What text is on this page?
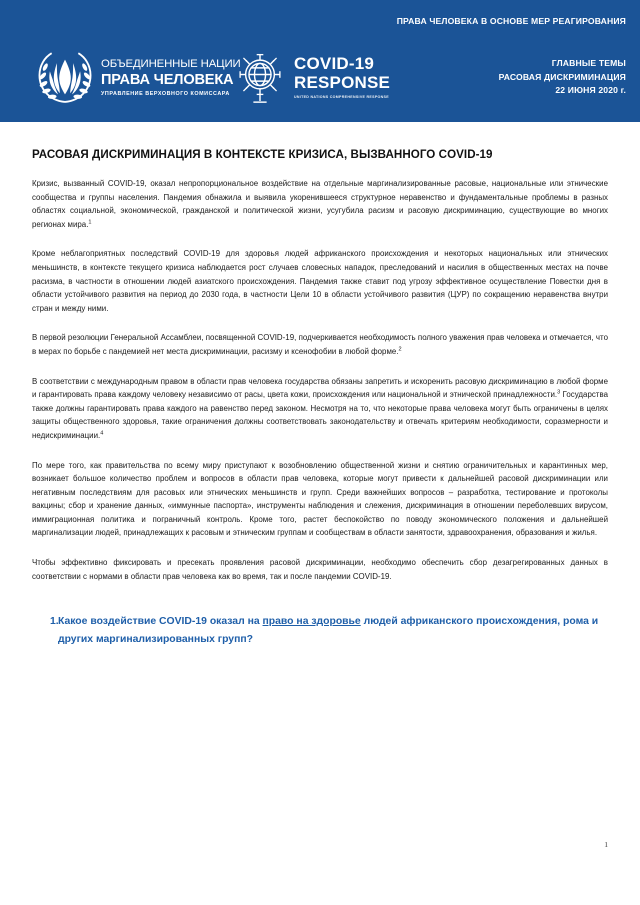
ПРАВА ЧЕЛОВЕКА В ОСНОВЕ МЕР РЕАГИРОВАНИЯ
ОБЪЕДИНЕННЫЕ НАЦИИ
ПРАВА ЧЕЛОВЕКА
УПРАВЛЕНИЕ ВЕРХОВНОГО КОМИССАРА
COVID-19
RESPONSE
UNITED NATIONS COMPREHENSIVE RESPONSE
ГЛАВНЫЕ ТЕМЫ
РАСОВАЯ ДИСКРИМИНАЦИЯ
22 ИЮНЯ 2020 г.
РАСОВАЯ ДИСКРИМИНАЦИЯ В КОНТЕКСТЕ КРИЗИСА, ВЫЗВАННОГО COVID-19

Кризис, вызванный COVID-19, оказал непропорциональное воздействие на отдельные маргинализированные расовые, национальные или этнические сообщества и группы населения. Пандемия обнажила и выявила укоренившееся структурное неравенство и фундаментальные проблемы в разных областях социальной, экономической, гражданской и политической жизни, усугубила расизм и расовую дискриминацию, существующие во многих регионах мира.$^1$

Кроме неблагоприятных последствий COVID-19 для здоровья людей африканского происхождения и некоторых национальных или этнических меньшинств, в контексте текущего кризиса наблюдается рост случаев словесных нападок, преследований и насилия в общественных местах на почве расизма, в частности в отношении людей азиатского происхождения. Пандемия также ставит под угрозу эффективное осуществление Повестки дня в области устойчивого развития на период до 2030 года, в частности Цели 10 в области устойчивого развития (ЦУР) по сокращению неравенства внутри стран и между ними.

В первой резолюции Генеральной Ассамблеи, посвященной COVID-19, подчеркивается необходимость полного уважения прав человека и отмечается, что в мерах по борьбе с пандемией нет места дискриминации, расизму и ксенофобии в любой форме.$^2$

В соответствии с международным правом в области прав человека государства обязаны запретить и искоренить расовую дискриминацию в любой форме и гарантировать права каждому человеку независимо от расы, цвета кожи, происхождения или национальной и этнической принадлежности.$^3$ Государства также должны гарантировать права каждого на равенство перед законом. Несмотря на то, что некоторые права человека могут быть ограничены в целях защиты общественного здоровья, такие ограничения должны соответствовать законодательству и отвечать критериям необходимости, соразмерности и недискриминации.$^4$

По мере того, как правительства по всему миру приступают к возобновлению общественной жизни и снятию ограничительных и карантинных мер, возникает большое количество проблем и вопросов в области прав человека, которые могут привести к дальнейшей расовой дискриминации или негативным последствиям для расовых или этнических меньшинств и групп. Среди важнейших вопросов – разработка, тестирование и протоколы вакцины; сбор и хранение данных, «иммунные паспорта», инструменты наблюдения и слежения, дискриминация в отношении переболевших вирусом, иммиграционная политика и пограничный контроль. Кроме того, растет беспокойство по поводу экономического положения и дальнейшей маргинализации людей, принадлежащих к расовым и этническим группам и сообществам в области занятости, здравоохранения, образования и жилья.

Чтобы эффективно фиксировать и пресекать проявления расовой дискриминации, необходимо обеспечить сбор дезагрегированных данных в соответствии с нормами в области прав человека как во время, так и после пандемии COVID-19.

1. Какое воздействие COVID-19 оказал на право на здоровье людей африканского происхождения, рома и других маргинализированных групп?
1
